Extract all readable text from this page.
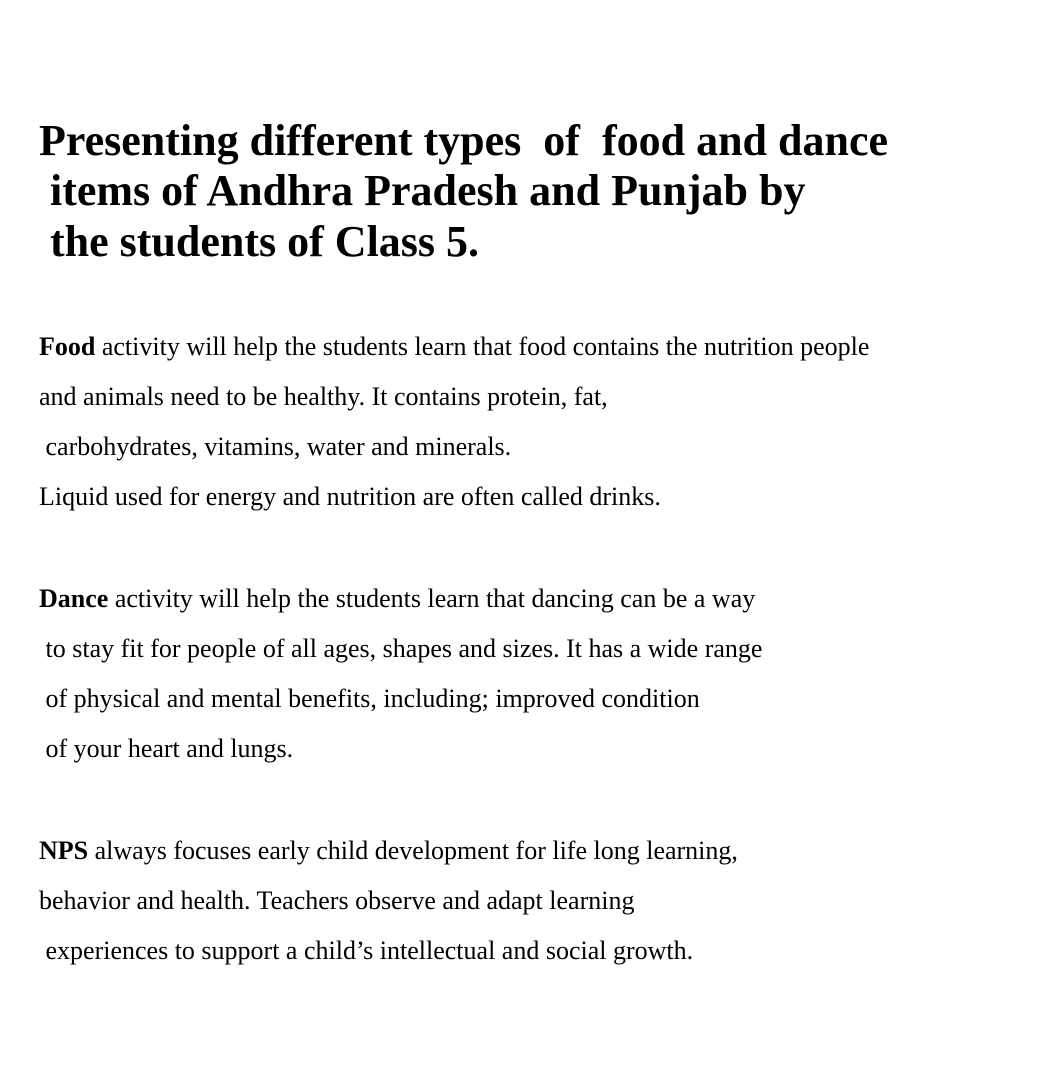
Presenting different types  of  food and dance
items of Andhra Pradesh and Punjab by
the students of Class 5.
Food activity will help the students learn that food contains the nutrition people
and animals need to be healthy. It contains protein, fat,
carbohydrates, vitamins, water and minerals.
Liquid used for energy and nutrition are often called drinks.
Dance activity will help the students learn that dancing can be a way
to stay fit for people of all ages, shapes and sizes. It has a wide range
of physical and mental benefits, including; improved condition
of your heart and lungs.
NPS always focuses early child development for life long learning,
behavior and health. Teachers observe and adapt learning
experiences to support a child’s intellectual and social growth.
